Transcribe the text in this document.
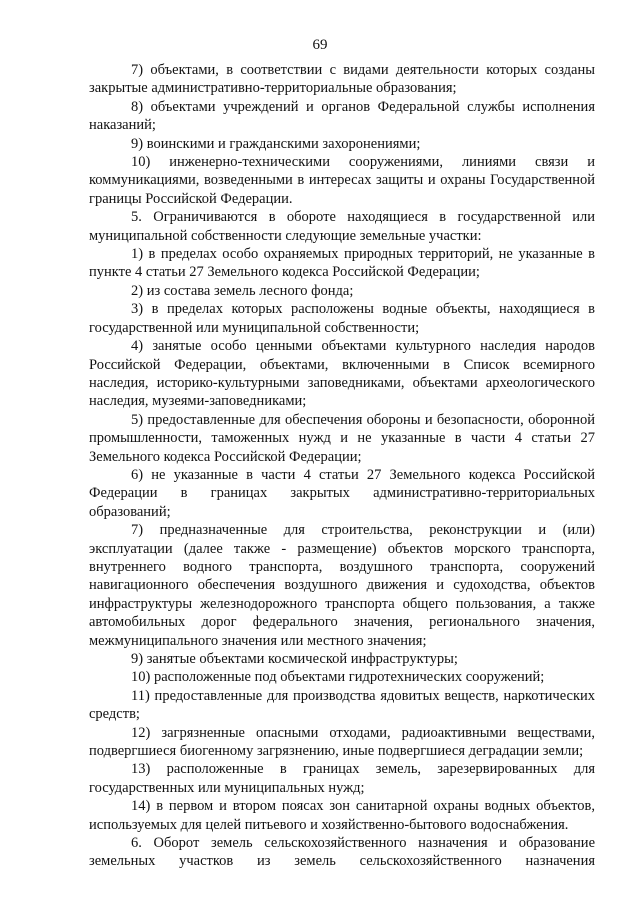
69

7) объектами, в соответствии с видами деятельности которых созданы закрытые административно-территориальные образования;

8) объектами учреждений и органов Федеральной службы исполнения наказаний;

9) воинскими и гражданскими захоронениями;

10) инженерно-техническими сооружениями, линиями связи и коммуникациями, возведенными в интересах защиты и охраны Государственной границы Российской Федерации.

5. Ограничиваются в обороте находящиеся в государственной или муниципальной собственности следующие земельные участки:

1) в пределах особо охраняемых природных территорий, не указанные в пункте 4 статьи 27 Земельного кодекса Российской Федерации;

2) из состава земель лесного фонда;

3) в пределах которых расположены водные объекты, находящиеся в государственной или муниципальной собственности;

4) занятые особо ценными объектами культурного наследия народов Российской Федерации, объектами, включенными в Список всемирного наследия, историко-культурными заповедниками, объектами археологического наследия, музеями-заповедниками;

5) предоставленные для обеспечения обороны и безопасности, оборонной промышленности, таможенных нужд и не указанные в части 4 статьи 27 Земельного кодекса Российской Федерации;

6) не указанные в части 4 статьи 27 Земельного кодекса Российской Федерации в границах закрытых административно-территориальных образований;

7) предназначенные для строительства, реконструкции и (или) эксплуатации (далее также - размещение) объектов морского транспорта, внутреннего водного транспорта, воздушного транспорта, сооружений навигационного обеспечения воздушного движения и судоходства, объектов инфраструктуры железнодорожного транспорта общего пользования, а также автомобильных дорог федерального значения, регионального значения, межмуниципального значения или местного значения;

9) занятые объектами космической инфраструктуры;

10) расположенные под объектами гидротехнических сооружений;

11) предоставленные для производства ядовитых веществ, наркотических средств;

12) загрязненные опасными отходами, радиоактивными веществами, подвергшиеся биогенному загрязнению, иные подвергшиеся деградации земли;

13) расположенные в границах земель, зарезервированных для государственных или муниципальных нужд;

14) в первом и втором поясах зон санитарной охраны водных объектов, используемых для целей питьевого и хозяйственно-бытового водоснабжения.

6. Оборот земель сельскохозяйственного назначения и образование земельных участков из земель сельскохозяйственного назначения
